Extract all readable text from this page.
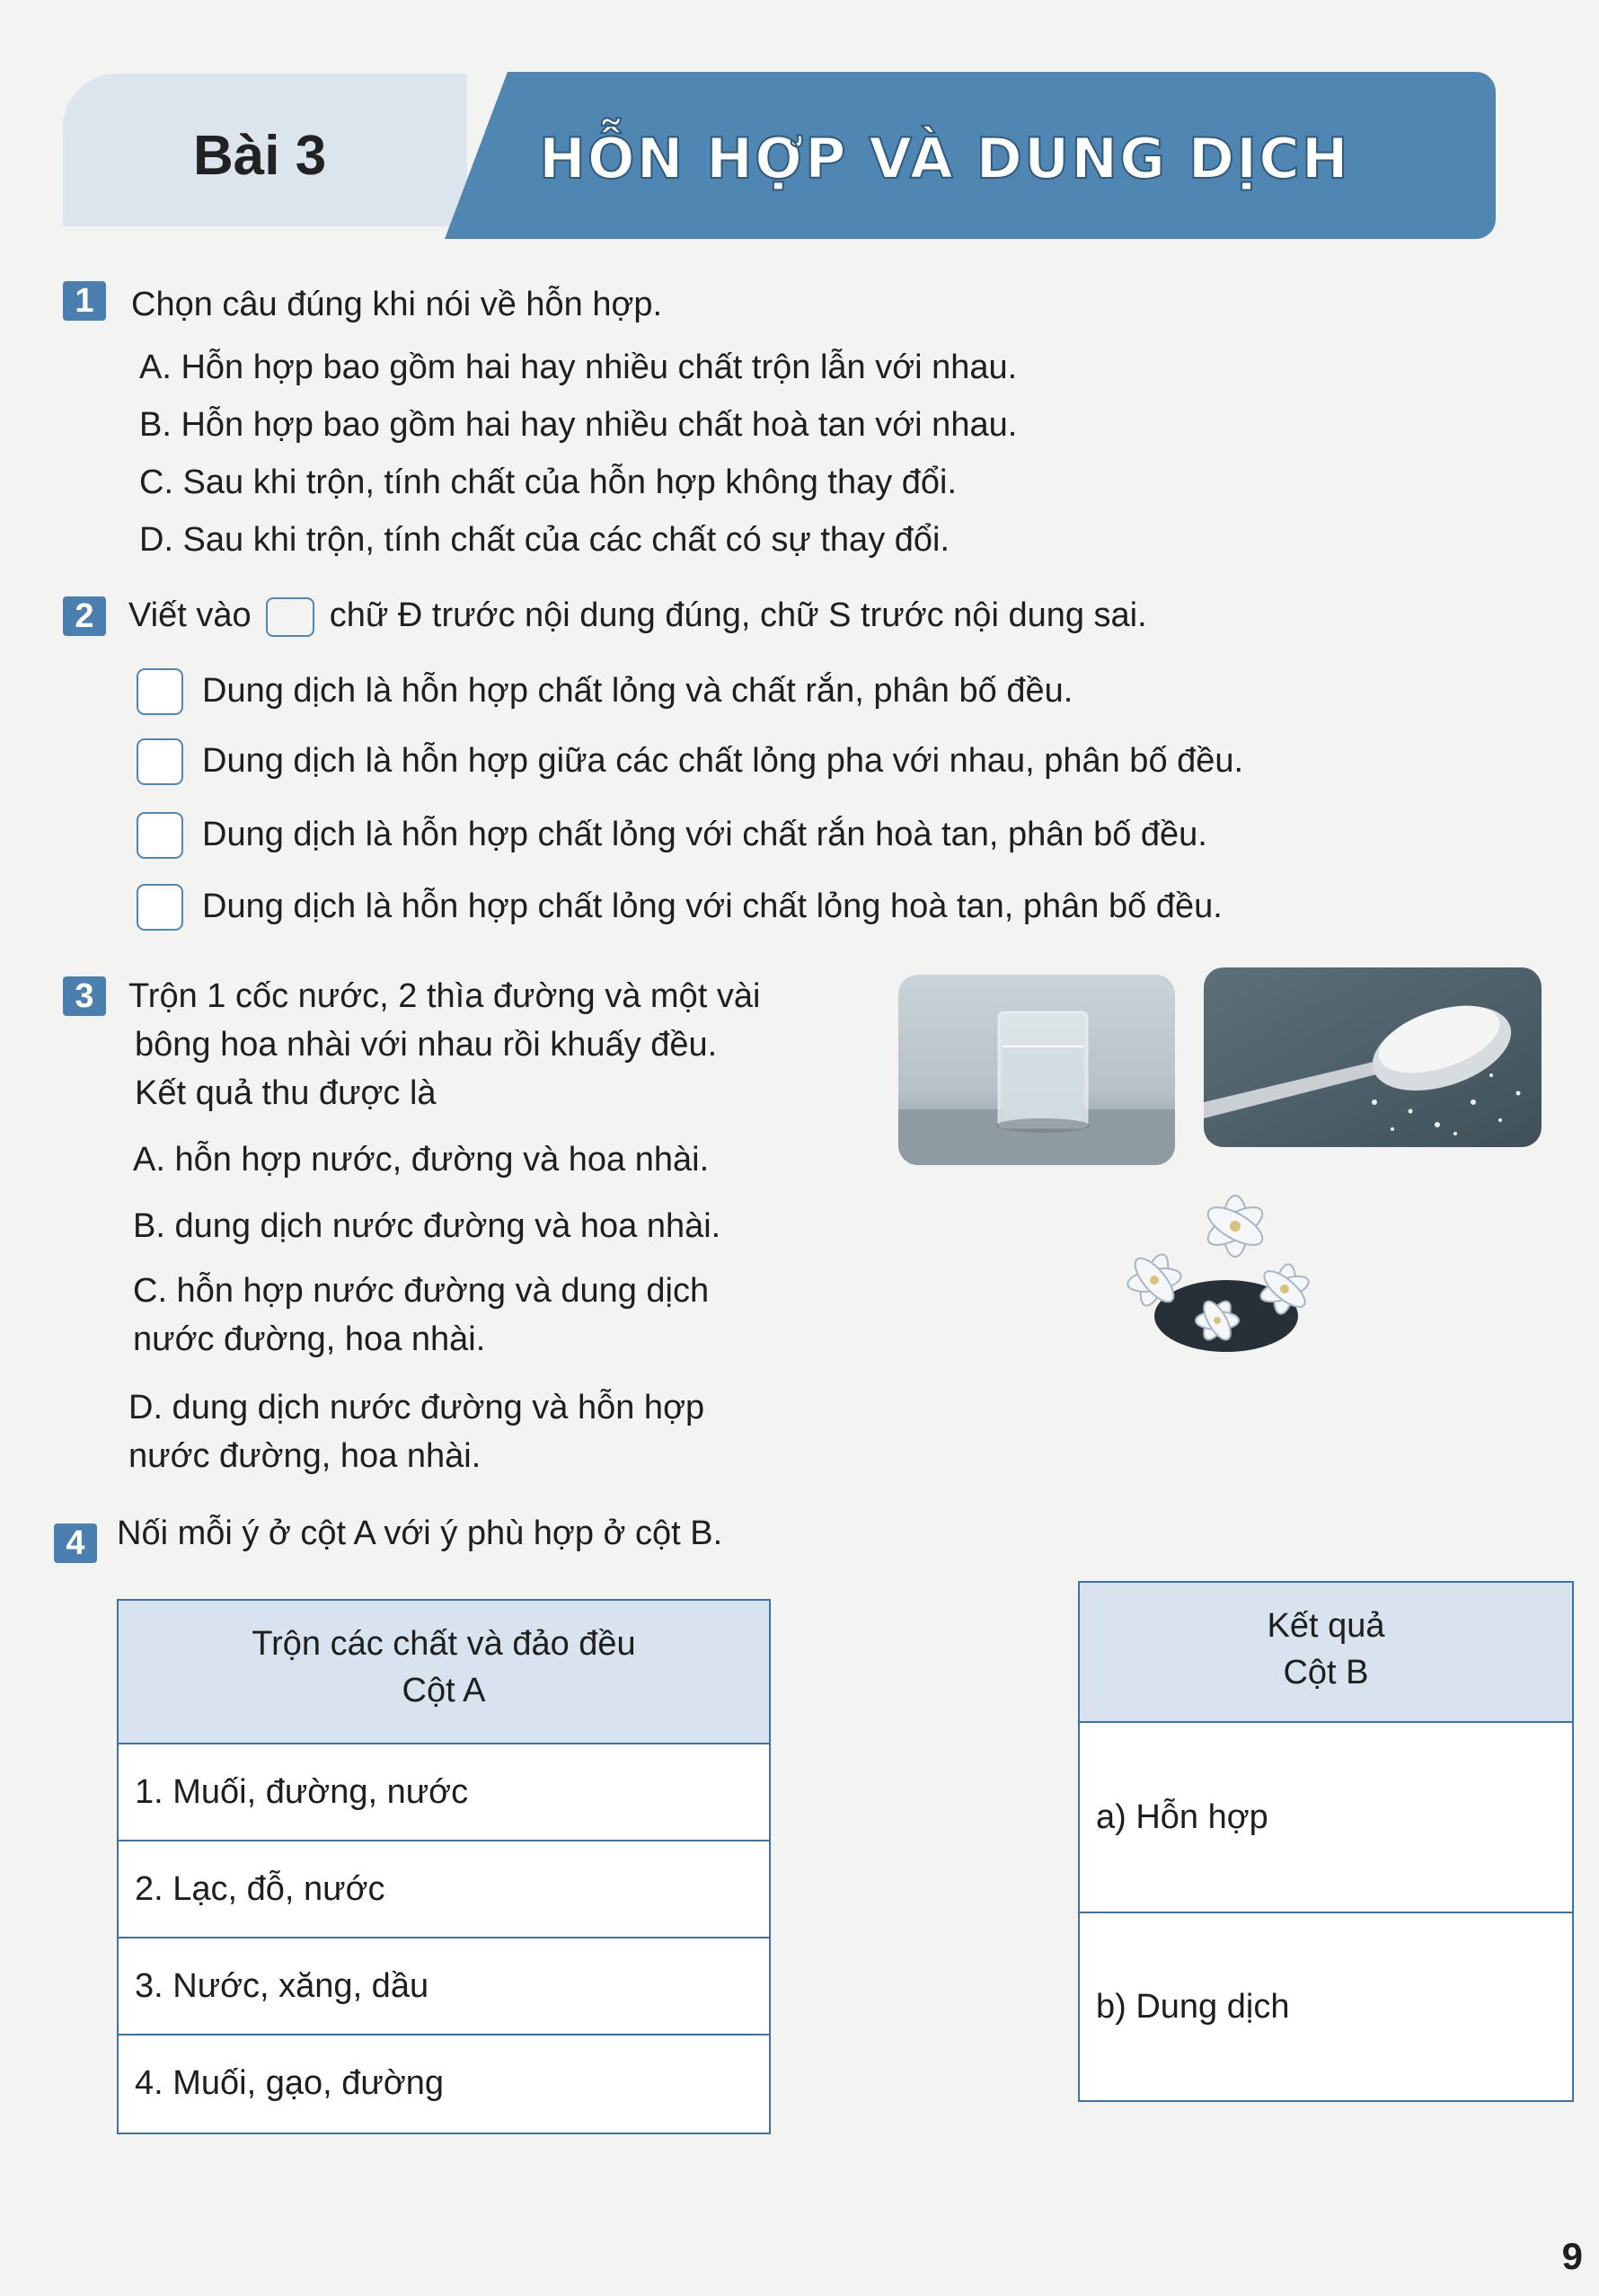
Bài 3	HỖN HỢP VÀ DUNG DỊCH
1	Chọn câu đúng khi nói về hỗn hợp.
A. Hỗn hợp bao gồm hai hay nhiều chất trộn lẫn với nhau.
B. Hỗn hợp bao gồm hai hay nhiều chất hoà tan với nhau.
C. Sau khi trộn, tính chất của hỗn hợp không thay đổi.
D. Sau khi trộn, tính chất của các chất có sự thay đổi.
2	Viết vào chữ Đ trước nội dung đúng, chữ S trước nội dung sai.
Dung dịch là hỗn hợp chất lỏng và chất rắn, phân bố đều.
Dung dịch là hỗn hợp giữa các chất lỏng pha với nhau, phân bố đều.
Dung dịch là hỗn hợp chất lỏng với chất rắn hoà tan, phân bố đều.
Dung dịch là hỗn hợp chất lỏng với chất lỏng hoà tan, phân bố đều.
3	Trộn 1 cốc nước, 2 thìa đường và một vài
bông hoa nhài với nhau rồi khuấy đều.
Kết quả thu được là
A. hỗn hợp nước, đường và hoa nhài.
B. dung dịch nước đường và hoa nhài.
C. hỗn hợp nước đường và dung dịch
nước đường, hoa nhài.
D. dung dịch nước đường và hỗn hợp
nước đường, hoa nhài.
4 Nối mỗi ý ở cột A với ý phù hợp ở cột B.
Trộn các chất và đảo đều
Cột A
1. Muối, đường, nước
2. Lạc, đỗ, nước
3. Nước, xăng, dầu
4. Muối, gạo, đường
Kết quả
Cột B
a) Hỗn hợp
b) Dung dịch
9
